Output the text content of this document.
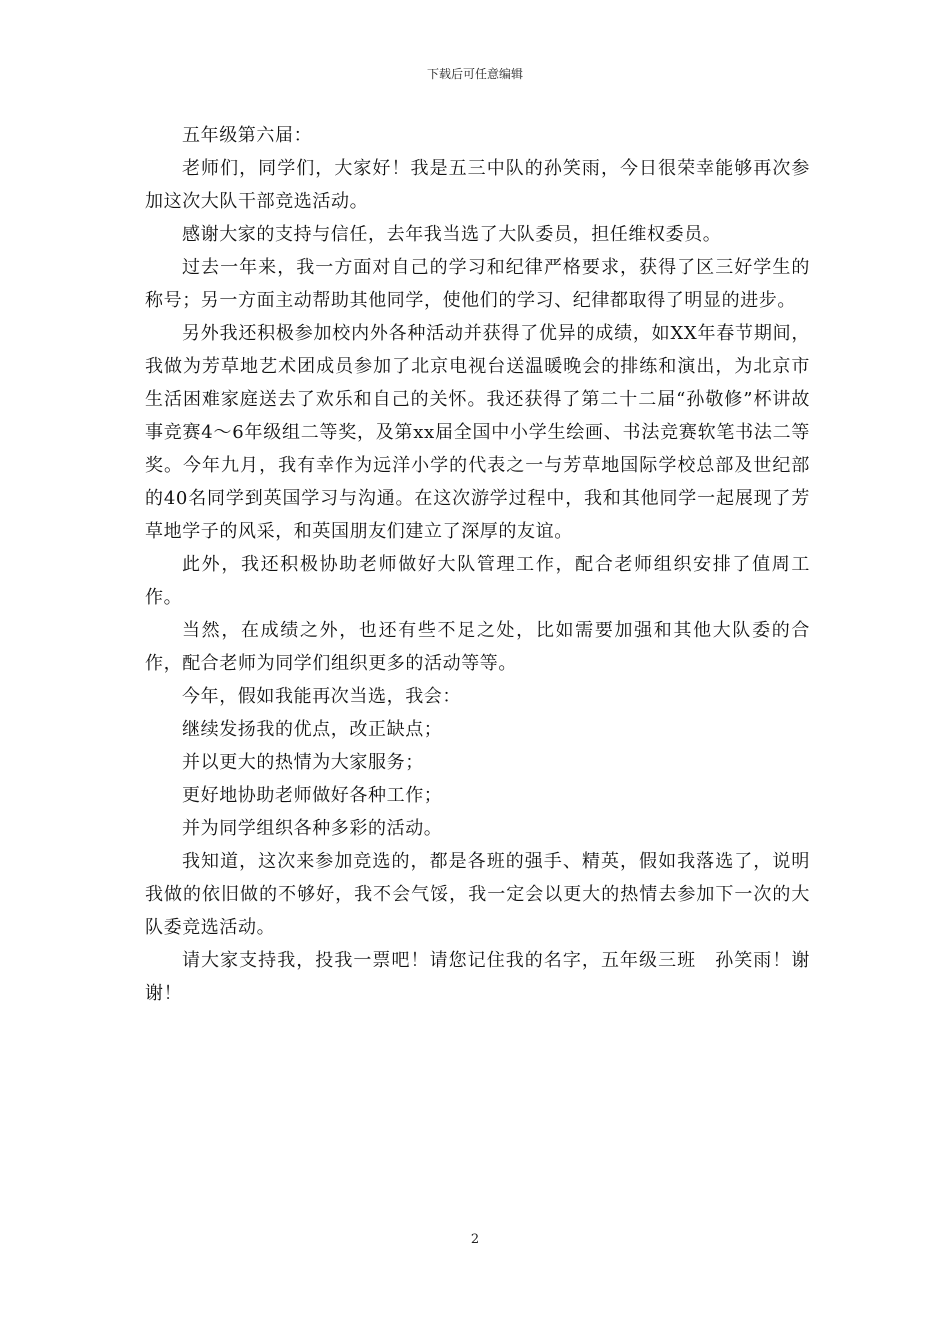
下载后可任意编辑

五年级第六届：

老师们，同学们，大家好！我是五三中队的孙笑雨，今日很荣幸能够再次参加这次大队干部竞选活动。

感谢大家的支持与信任，去年我当选了大队委员，担任维权委员。

过去一年来，我一方面对自己的学习和纪律严格要求，获得了区三好学生的称号；另一方面主动帮助其他同学，使他们的学习、纪律都取得了明显的进步。

另外我还积极参加校内外各种活动并获得了优异的成绩，如XX年春节期间，我做为芳草地艺术团成员参加了北京电视台送温暖晚会的排练和演出，为北京市生活困难家庭送去了欢乐和自己的关怀。我还获得了第二十二届“孙敬修”杯讲故事竞赛4～6年级组二等奖，及第xx届全国中小学生绘画、书法竞赛软笔书法二等奖。今年九月，我有幸作为远洋小学的代表之一与芳草地国际学校总部及世纪部的40名同学到英国学习与沟通。在这次游学过程中，我和其他同学一起展现了芳草地学子的风采，和英国朋友们建立了深厚的友谊。

此外，我还积极协助老师做好大队管理工作，配合老师组织安排了值周工作。

当然，在成绩之外，也还有些不足之处，比如需要加强和其他大队委的合作，配合老师为同学们组织更多的活动等等。

今年，假如我能再次当选，我会：

继续发扬我的优点，改正缺点；

并以更大的热情为大家服务；

更好地协助老师做好各种工作；

并为同学组织各种多彩的活动。

我知道，这次来参加竞选的，都是各班的强手、精英，假如我落选了，说明我做的依旧做的不够好，我不会气馁，我一定会以更大的热情去参加下一次的大队委竞选活动。

请大家支持我，投我一票吧！请您记住我的名字，五年级三班　孙笑雨！谢谢！

2
